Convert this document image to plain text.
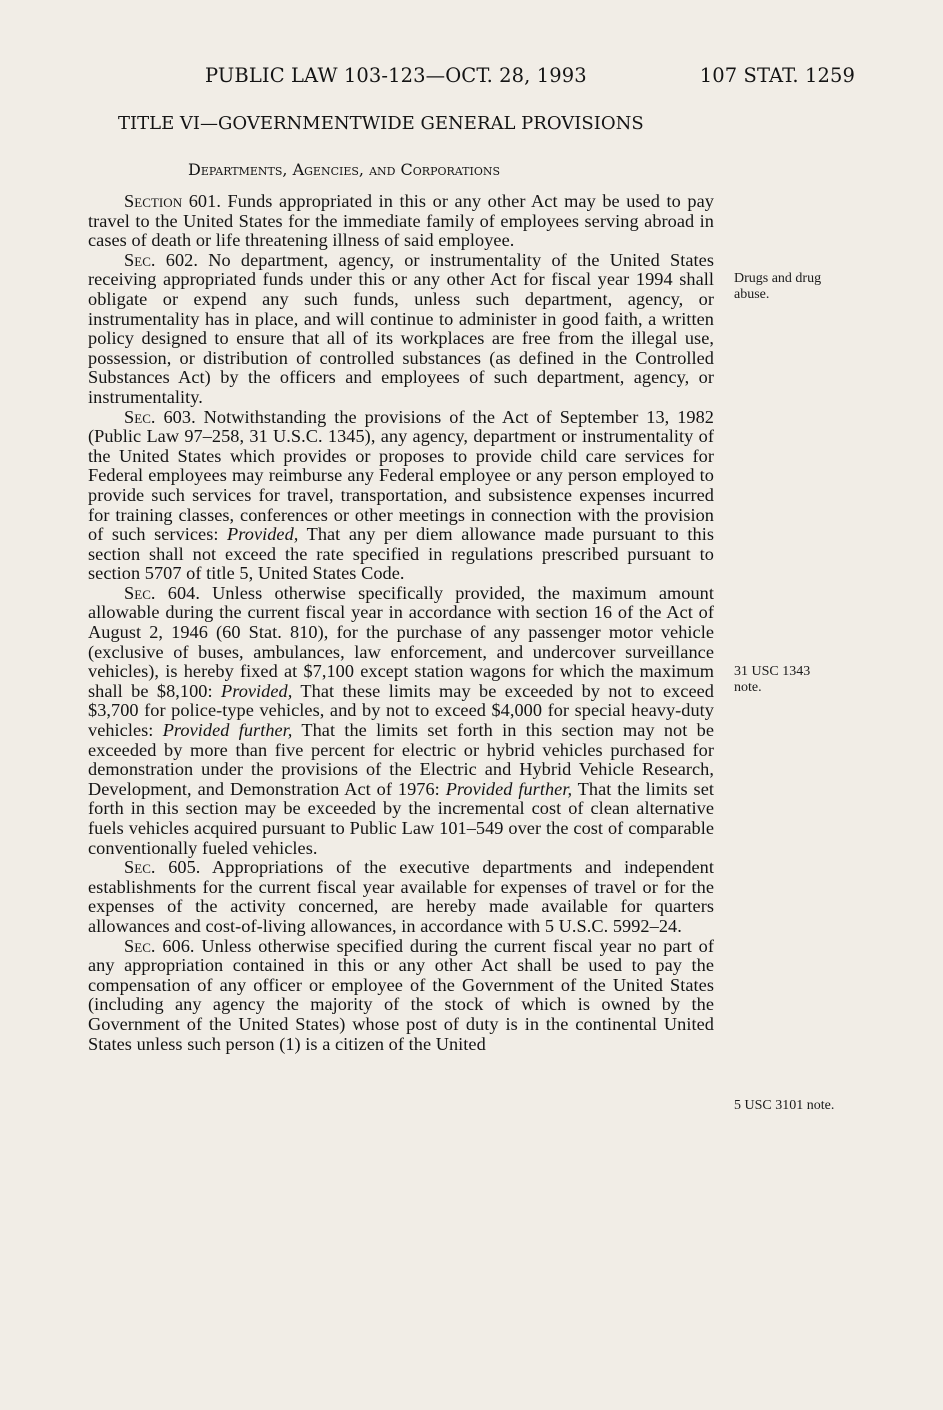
PUBLIC LAW 103-123—OCT. 28, 1993	107 STAT. 1259
TITLE VI—GOVERNMENTWIDE GENERAL PROVISIONS
Departments, Agencies, and Corporations

Section 601. Funds appropriated in this or any other Act may be used to pay travel to the United States for the immediate family of employees serving abroad in cases of death or life threatening illness of said employee.

Sec. 602. No department, agency, or instrumentality of the United States receiving appropriated funds under this or any other Act for fiscal year 1994 shall obligate or expend any such funds, unless such department, agency, or instrumentality has in place, and will continue to administer in good faith, a written policy designed to ensure that all of its workplaces are free from the illegal use, possession, or distribution of controlled substances (as defined in the Controlled Substances Act) by the officers and employees of such department, agency, or instrumentality.

Sec. 603. Notwithstanding the provisions of the Act of September 13, 1982 (Public Law 97–258, 31 U.S.C. 1345), any agency, department or instrumentality of the United States which provides or proposes to provide child care services for Federal employees may reimburse any Federal employee or any person employed to provide such services for travel, transportation, and subsistence expenses incurred for training classes, conferences or other meetings in connection with the provision of such services: Provided, That any per diem allowance made pursuant to this section shall not exceed the rate specified in regulations prescribed pursuant to section 5707 of title 5, United States Code.

Sec. 604. Unless otherwise specifically provided, the maximum amount allowable during the current fiscal year in accordance with section 16 of the Act of August 2, 1946 (60 Stat. 810), for the purchase of any passenger motor vehicle (exclusive of buses, ambulances, law enforcement, and undercover surveillance vehicles), is hereby fixed at $7,100 except station wagons for which the maximum shall be $8,100: Provided, That these limits may be exceeded by not to exceed $3,700 for police-type vehicles, and by not to exceed $4,000 for special heavy-duty vehicles: Provided further, That the limits set forth in this section may not be exceeded by more than five percent for electric or hybrid vehicles purchased for demonstration under the provisions of the Electric and Hybrid Vehicle Research, Development, and Demonstration Act of 1976: Provided further, That the limits set forth in this section may be exceeded by the incremental cost of clean alternative fuels vehicles acquired pursuant to Public Law 101–549 over the cost of comparable conventionally fueled vehicles.

Sec. 605. Appropriations of the executive departments and independent establishments for the current fiscal year available for expenses of travel or for the expenses of the activity concerned, are hereby made available for quarters allowances and cost-of-living allowances, in accordance with 5 U.S.C. 5992–24.

Sec. 606. Unless otherwise specified during the current fiscal year no part of any appropriation contained in this or any other Act shall be used to pay the compensation of any officer or employee of the Government of the United States (including any agency the majority of the stock of which is owned by the Government of the United States) whose post of duty is in the continental United States unless such person (1) is a citizen of the United

Drugs and drug
abuse.
31 USC 1343
note.
5 USC 3101 note.
